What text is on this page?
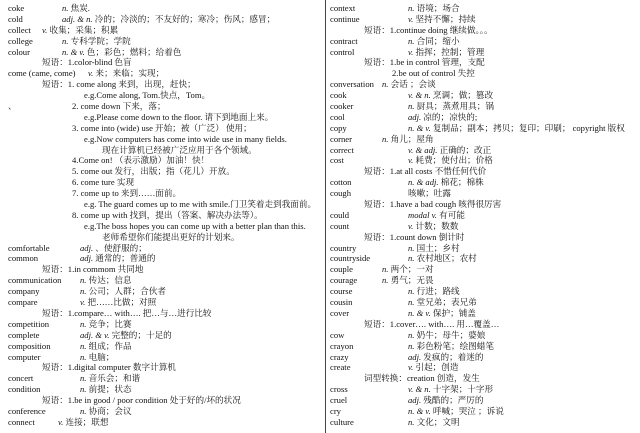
coke	n. 焦炭.
cold	adj. & n. 冷的；冷淡的；不友好的；寒冷；伤风；感冒；
collect v. 收集；采集；积累
college	n. 专科学院；学院
colour	n. & v. 色；彩色；燃料；给着色
短语：1.color-blind 色盲
come (came, come) v. 来；来临；实现；
短语：1. come along 来到，出现，赶快；
e.g.Come along, Tom.快点，Tom。
、	2. come down 下来，落；
e.g.Please come down to the floor. 请下到地面上来。
3. come into (wide) use 开始；被（广泛） 使用；
e.g.Now computers has come into wide use in many fields.
现在计算机已经被广泛应用于各个领域。
4.Come on! （表示激励）加油！快！
5. come out 发行，出版；指（花儿）开放。
6. come ture 实现
7. come up to 来到……面前。
e.g. The guard comes up to me with smile.门卫笑着走到我面前。
8. come up with 找到，提出（答案、解决办法等）。
e.g.The boss hopes you can come up with a better plan than this.
老师希望你们能提出更好的计划来。
comfortable	adj. 、使舒服的；
common	adj. 通常的；普通的
短语：1.in commom 共同地
communication n. 传达；信息
company	n. 公司；人群；合伙者
compare	v. 把……比做；对照
短语：1.compare… with…. 把…与…进行比较
competition	n. 竞争；比赛
complete	adj. & v. 完整的；十足的
composition	n. 组成；作品
computer	n. 电脑；
短语：1.digital computer 数字计算机
concert	n. 音乐会；和谐
condition	n. 前提；状态
短语：1.be in good / poor condition 处于好的/坏的状况
conference	n. 协商；会议
connect	v. 连接；联想
context	n. 语境；场合
continue	v. 坚持不懈；持续
短语：1.continue doing 继续做。。。
contract	n. 合同；缩小
control	v. 指挥；控制；管理
短语：1.be in control 管理，支配
2.be out of control 失控
conversation n. 会话 ；会谈
cook	v. & n. 烹调；做；篡改
cooker	n. 厨具；蒸煮用具；锅
cool	adj. 凉的；凉快的;
copy	n. & v. 复制品；副本；拷贝；复印；印刷； copyright 版权
corner	n. 角儿；屋角
correct	v. & adj. 正确的；改正
cost	v. 耗费；使付出；价格
短语：1.at all costs 不惜任何代价
cotton	n. & adj. 棉花；棉株
cough	咳嗽；吐露
短语：1.have a bad cough 咳得很厉害
could	modal v. 有可能
count	v. 计数；数数
短语：1.count down 倒计时
country	n. 国土；乡村
countryside	n. 农村地区；农村
couple	n. 两个；一对
courage	n. 勇气；无畏
course	n. 行进；路线
cousin	n. 堂兄弟；表兄弟
cover	n. & v. 保护；铺盖
短语：1.cover…. with…. 用…覆盖…
cow	n. 奶牛；母牛；婆娘
crayon	n. 彩色粉笔；绘图蜡笔
crazy	adj. 发疯的；着迷的
create	v. 引起；创造
词型转换：creation 创造，发生
cross	v. & n. 十字架；十字形
cruel	adj. 残酷的；严厉的
cry	n. & v. 呼喊；哭泣 ；诉说
culture	n. 文化；文明
